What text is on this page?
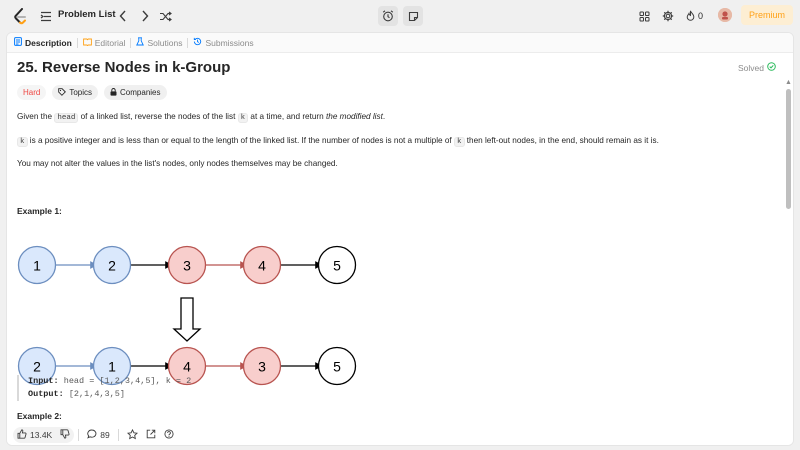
Problem List	0	Premium
Description	Editorial	Solutions	Submissions
25. Reverse Nodes in k-Group	Solved
Hard	Topics	Companies
Given the head of a linked list, reverse the nodes of the list k at a time, and return the modified list.
k is a positive integer and is less than or equal to the length of the linked list. If the number of nodes is not a multiple of k then left-out nodes, in the end, should remain as it is.
You may not alter the values in the list's nodes, only nodes themselves may be changed.
Example 1:
1	2	3	4	5
2	1	4	3	5
Input: head = [1,2,3,4,5], k = 2
Output: [2,1,4,3,5]
Example 2:
▲
13.4K	89
